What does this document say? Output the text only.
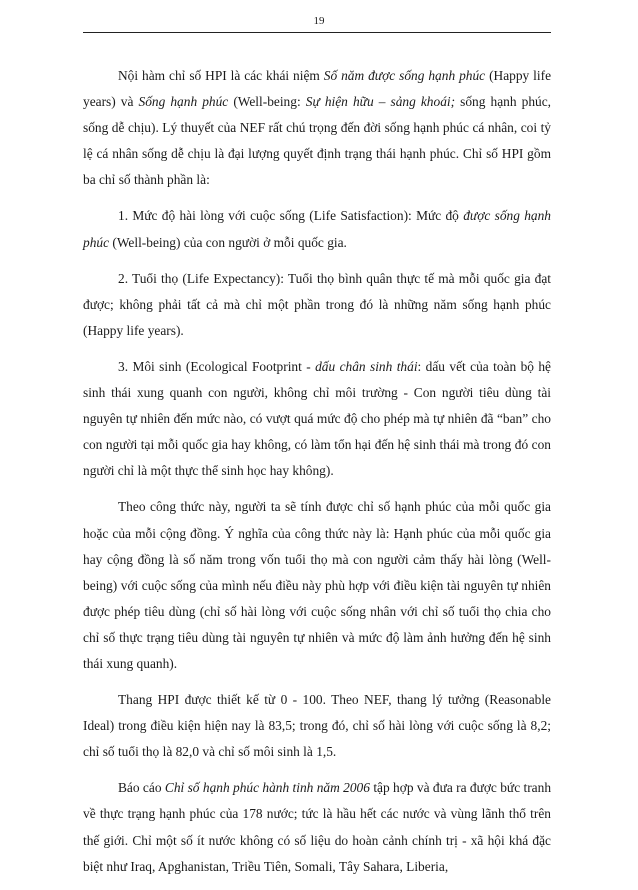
19

Nội hàm chỉ số HPI là các khái niệm Số năm được sống hạnh phúc (Happy life years) và Sống hạnh phúc (Well-being: Sự hiện hữu – sảng khoái; sống hạnh phúc, sống dễ chịu). Lý thuyết của NEF rất chú trọng đến đời sống hạnh phúc cá nhân, coi tỷ lệ cá nhân sống dễ chịu là đại lượng quyết định trạng thái hạnh phúc. Chỉ số HPI gồm ba chỉ số thành phần là:

1. Mức độ hài lòng với cuộc sống (Life Satisfaction): Mức độ được sống hạnh phúc (Well-being) của con người ở mỗi quốc gia.

2. Tuổi thọ (Life Expectancy): Tuổi thọ bình quân thực tế mà mỗi quốc gia đạt được; không phải tất cả mà chỉ một phần trong đó là những năm sống hạnh phúc (Happy life years).

3. Môi sinh (Ecological Footprint - dấu chân sinh thái: dấu vết của toàn bộ hệ sinh thái xung quanh con người, không chỉ môi trường - Con người tiêu dùng tài nguyên tự nhiên đến mức nào, có vượt quá mức độ cho phép mà tự nhiên đã “ban” cho con người tại mỗi quốc gia hay không, có làm tổn hại đến hệ sinh thái mà trong đó con người chỉ là một thực thể sinh học hay không).

Theo công thức này, người ta sẽ tính được chỉ số hạnh phúc của mỗi quốc gia hoặc của mỗi cộng đồng. Ý nghĩa của công thức này là: Hạnh phúc của mỗi quốc gia hay cộng đồng là số năm trong vốn tuổi thọ mà con người cảm thấy hài lòng (Well-being) với cuộc sống của mình nếu điều này phù hợp với điều kiện tài nguyên tự nhiên được phép tiêu dùng (chỉ số hài lòng với cuộc sống nhân với chỉ số tuổi thọ chia cho chỉ số thực trạng tiêu dùng tài nguyên tự nhiên và mức độ làm ảnh hưởng đến hệ sinh thái xung quanh).

Thang HPI được thiết kế từ 0 - 100. Theo NEF, thang lý tưởng (Reasonable Ideal) trong điều kiện hiện nay là 83,5; trong đó, chỉ số hài lòng với cuộc sống là 8,2; chỉ số tuổi thọ là 82,0 và chỉ số môi sinh là 1,5.

Báo cáo Chỉ số hạnh phúc hành tinh năm 2006 tập hợp và đưa ra được bức tranh về thực trạng hạnh phúc của 178 nước; tức là hầu hết các nước và vùng lãnh thổ trên thế giới. Chỉ một số ít nước không có số liệu do hoàn cảnh chính trị - xã hội khá đặc biệt như Iraq, Apghanistan, Triều Tiên, Somali, Tây Sahara, Liberia,
